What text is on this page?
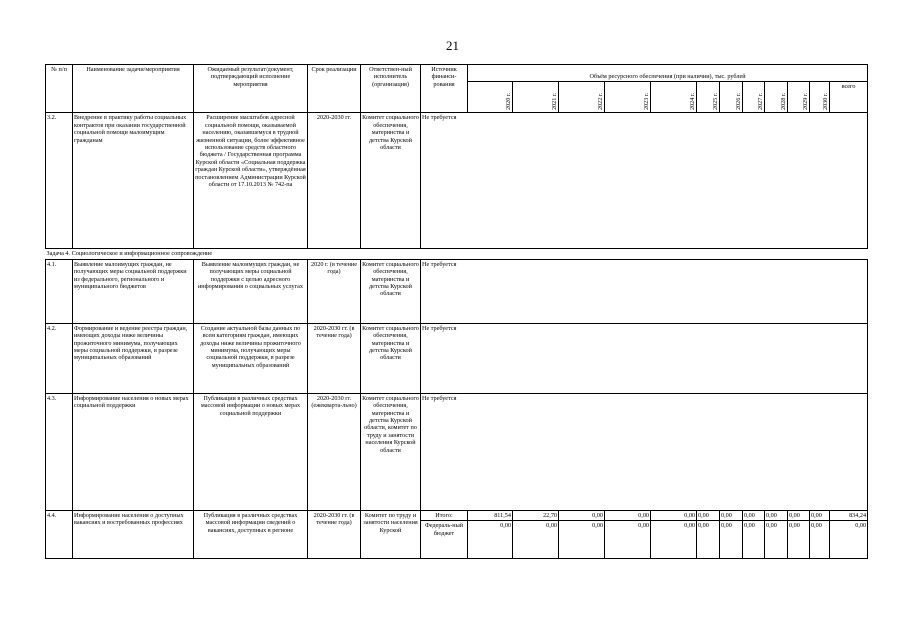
21
№ п/п	Наименование задачи/мероприятия	Ожидаемый результат/документ, подтверждающий исполнение мероприятия	Срок реализации	Ответствен-ный исполнитель (организация)	Источник финанси-рования	Объём ресурсного обеспечения (при наличии), тыс. рублей											
						2020 г.	2021 г.	2022 г.	2023 г.	2024 г.	2025 г.	2026 г.	2027 г.	2028 г.	2029 г.	2030 г.	всего
3.2.	Внедрение в практику работы социальных контрактов при оказании государственной социальной помощи малоимущим гражданам	Расширение масштабов адресной социальной помощи, оказываемой населению, оказавшемуся в трудной жизненной ситуации, более эффективное использование средств областного бюджета / Государственная программа Курской области «Социальная поддержка граждан Курской области», утверждённая постановлением Администрации Курской области от 17.10.2013 № 742-па	2020-2030 гг.	Комитет социального обеспечения, материнства и детства Курской области	Не требуется												
Задача 4. Социологическое и информационное сопровождение																	
4.1.	Выявление малоимущих граждан, не получающих меры социальной поддержки из федерального, регионального и муниципального бюджетов	Выявление малоимущих граждан, не получающих меры социальной поддержки с целью адресного информирования о социальных услугах	2020 г. (в течение года)	Комитет социального обеспечения, материнства и детства Курской области	Не требуется												
4.2.	Формирование и ведение реестра граждан, имеющих доходы ниже величины прожиточного минимума, получающих меры социальной поддержки, в разрезе муниципальных образований	Создание актуальной базы данных по всем категориям граждан, имеющих доходы ниже величины прожиточного минимума, получающих меры социальной поддержки, в разрезе муниципальных образований	2020-2030 гг. (в течение года)	Комитет социального обеспечения, материнства и детства Курской области	Не требуется												
4.3.	Информирование населения о новых мерах социальной поддержки	Публикации в различных средствах массовой информации о новых мерах социальной поддержки	2020-2030 гг. (ежекварта-льно)	Комитет социального обеспечения, материнства и детства Курской области, комитет по труду и занятости населения Курской области	Не требуется												
4.4.	Информирование населения о доступных вакансиях и востребованных профессиях	Публикация в различных средствах массовой информации сведений о вакансиях, доступных в регионе	2020-2030 гг. (в течение года)	Комитет по труду и занятости населения Курской	Итого:	811,54	22,70	0,00	0,00	0,00	0,00	0,00	0,00	0,00	0,00	0,00	834,24
					Федераль-ный бюджет	0,00	0,00	0,00	0,00	0,00	0,00	0,00	0,00	0,00	0,00	0,00	0,00
